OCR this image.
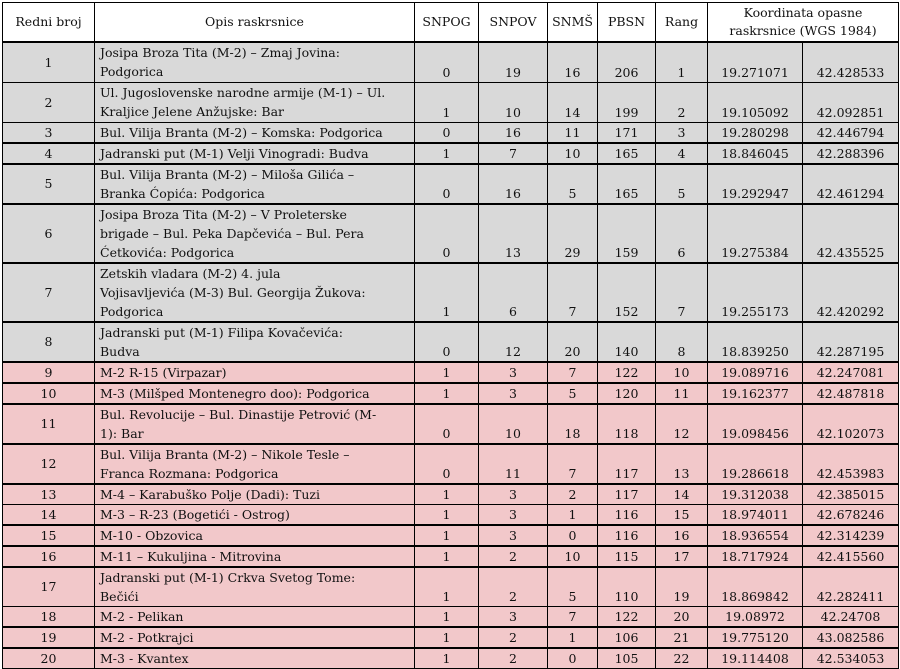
Redni broj	Opis raskrsnice	SNPOG	SNPOV	SNMŠ	PBSN	Rang	Koordinata opasne raskrsnice (WGS 1984)	
1	Josipa Broza Tita (M-2) – Zmaj Jovina:
Podgorica	0	19	16	206	1	19.271071	42.428533
2	Ul. Jugoslovenske narodne armije (M-1) – Ul.
Kraljice Jelene Anžujske: Bar	1	10	14	199	2	19.105092	42.092851
3	Bul. Vilija Branta (M-2) – Komska: Podgorica	0	16	11	171	3	19.280298	42.446794
4	Jadranski put (M-1) Velji Vinogradi: Budva	1	7	10	165	4	18.846045	42.288396
5	Bul. Vilija Branta (M-2) – Miloša Gilića –
Branka Ćopića: Podgorica	0	16	5	165	5	19.292947	42.461294
6	Josipa Broza Tita (M-2) – V Proleterske
brigade – Bul. Peka Dapčevića – Bul. Pera
Ćetkovića: Podgorica	0	13	29	159	6	19.275384	42.435525
7	Zetskih vladara (M-2) 4. jula
Vojisavljevića (M-3) Bul. Georgija Žukova:
Podgorica	1	6	7	152	7	19.255173	42.420292
8	Jadranski put (M-1) Filipa Kovačevića:
Budva	0	12	20	140	8	18.839250	42.287195
9	M-2 R-15 (Virpazar)	1	3	7	122	10	19.089716	42.247081
10	M-3 (Milšped Montenegro doo): Podgorica	1	3	5	120	11	19.162377	42.487818
11	Bul. Revolucije – Bul. Dinastije Petrović (M-
1): Bar	0	10	18	118	12	19.098456	42.102073
12	Bul. Vilija Branta (M-2) – Nikole Tesle –
Franca Rozmana: Podgorica	0	11	7	117	13	19.286618	42.453983
13	M-4 – Karabuško Polje (Dadi): Tuzi	1	3	2	117	14	19.312038	42.385015
14	M-3 – R-23 (Bogetići - Ostrog)	1	3	1	116	15	18.974011	42.678246
15	M-10 - Obzovica	1	3	0	116	16	18.936554	42.314239
16	M-11 – Kukuljina - Mitrovina	1	2	10	115	17	18.717924	42.415560
17	Jadranski put (M-1) Crkva Svetog Tome:
Bečići	1	2	5	110	19	18.869842	42.282411
18	M-2 - Pelikan	1	3	7	122	20	19.08972	42.24708
19	M-2 - Potkrajci	1	2	1	106	21	19.775120	43.082586
20	M-3 - Kvantex	1	2	0	105	22	19.114408	42.534053
